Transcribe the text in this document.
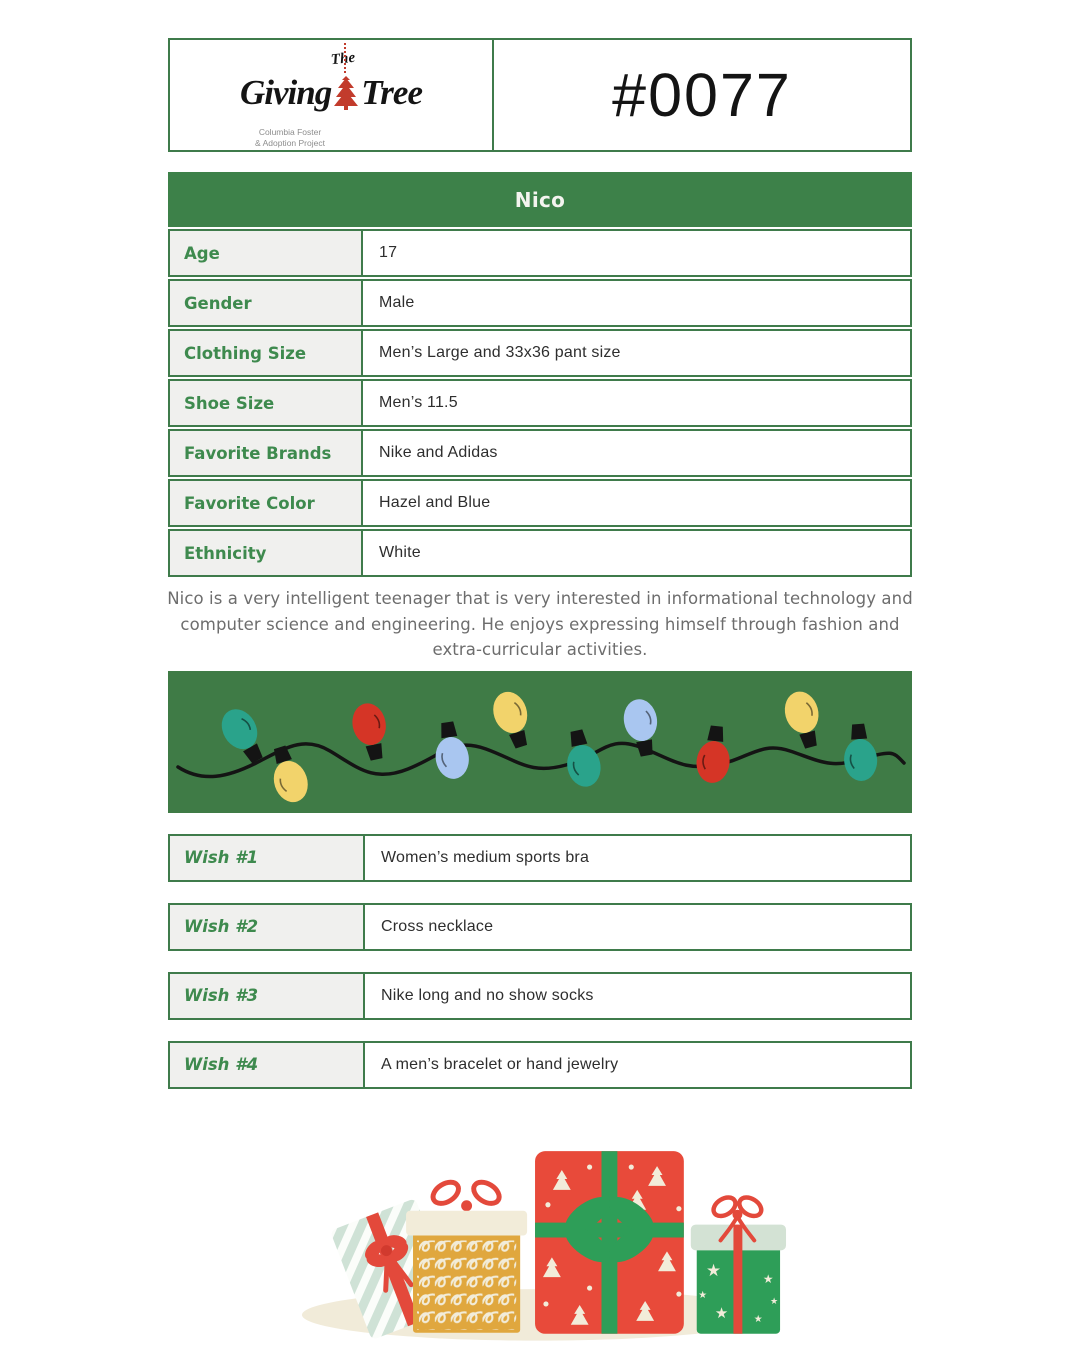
The
Giving Tree
Columbia Foster
& Adoption Project
#0077
Nico
Age	17
Gender	Male
Clothing Size	Men’s Large and 33x36 pant size
Shoe Size	Men’s 11.5
Favorite Brands	Nike and Adidas
Favorite Color	Hazel and Blue
Ethnicity	White

Nico is a very intelligent teenager that is very interested in informational technology and computer science and engineering. He enjoys expressing himself through fashion and extra-curricular activities.

Wish #1	Women’s medium sports bra
Wish #2	Cross necklace
Wish #3	Nike long and no show socks
Wish #4	A men’s bracelet or hand jewelry
★	★
★	★
★
★
